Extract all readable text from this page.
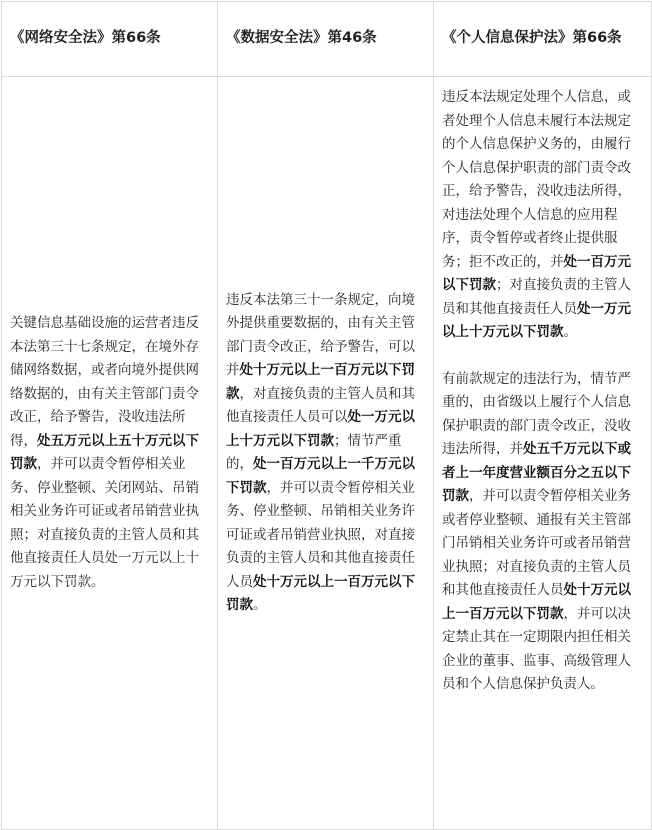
《网络安全法》第66条	《数据安全法》第46条	《个人信息保护法》第66条

关键信息基础设施的运营者违反本法第三十七条规定，在境外存储网络数据，或者向境外提供网络数据的，由有关主管部门责令改正，给予警告，没收违法所得，处五万元以上五十万元以下罚款，并可以责令暂停相关业务、停业整顿、关闭网站、吊销相关业务许可证或者吊销营业执照；对直接负责的主管人员和其他直接责任人员处一万元以上十万元以下罚款。	违反本法第三十一条规定，向境外提供重要数据的，由有关主管部门责令改正，给予警告，可以并处十万元以上一百万元以下罚款，对直接负责的主管人员和其他直接责任人员可以处一万元以上十万元以下罚款；情节严重的，处一百万元以上一千万元以下罚款，并可以责令暂停相关业务、停业整顿、吊销相关业务许可证或者吊销营业执照，对直接负责的主管人员和其他直接责任人员处十万元以上一百万元以下罚款。	违反本法规定处理个人信息，或者处理个人信息未履行本法规定的个人信息保护义务的，由履行个人信息保护职责的部门责令改正，给予警告，没收违法所得，对违法处理个人信息的应用程序，责令暂停或者终止提供服务；拒不改正的，并处一百万元以下罚款；对直接负责的主管人员和其他直接责任人员处一万元以上十万元以下罚款。

有前款规定的违法行为，情节严重的，由省级以上履行个人信息保护职责的部门责令改正，没收违法所得，并处五千万元以下或者上一年度营业额百分之五以下罚款，并可以责令暂停相关业务或者停业整顿、通报有关主管部门吊销相关业务许可或者吊销营业执照；对直接负责的主管人员和其他直接责任人员处十万元以上一百万元以下罚款，并可以决定禁止其在一定期限内担任相关企业的董事、监事、高级管理人员和个人信息保护负责人。
